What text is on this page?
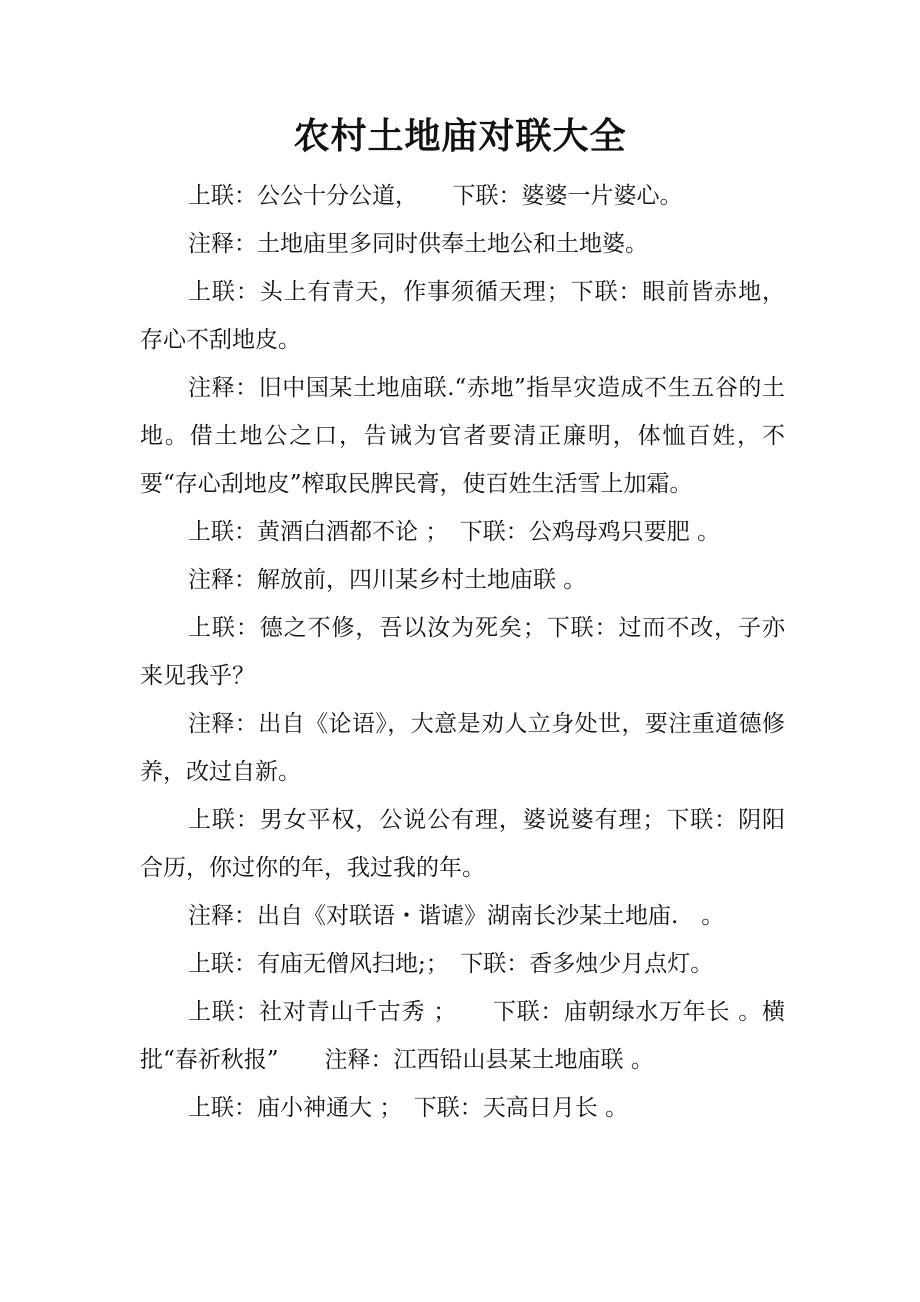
农村土地庙对联大全

上联：公公十分公道，　　下联：婆婆一片婆心。

注释：土地庙里多同时供奉土地公和土地婆。

上联：头上有青天，作事须循天理；下联：眼前皆赤地，存心不刮地皮。

注释：旧中国某土地庙联.“赤地”指旱灾造成不生五谷的土地。借土地公之口，告诫为官者要清正廉明，体恤百姓，不要“存心刮地皮”榨取民脾民膏，使百姓生活雪上加霜。

上联：黄酒白酒都不论 ；　下联：公鸡母鸡只要肥 。

注释：解放前，四川某乡村土地庙联 。

上联：德之不修，吾以汝为死矣；下联：过而不改，子亦来见我乎？

注释：出自《论语》，大意是劝人立身处世，要注重道德修养，改过自新。

上联：男女平权，公说公有理，婆说婆有理；下联：阴阳合历，你过你的年，我过我的年。

注释：出自《对联语・谐谑》湖南长沙某土地庙.　。

上联：有庙无僧风扫地;；　下联：香多烛少月点灯。

上联：社对青山千古秀 ；　　下联：庙朝绿水万年长 。横批“春祈秋报”　　注释：江西铅山县某土地庙联 。

上联：庙小神通大 ；　下联：天高日月长 。
